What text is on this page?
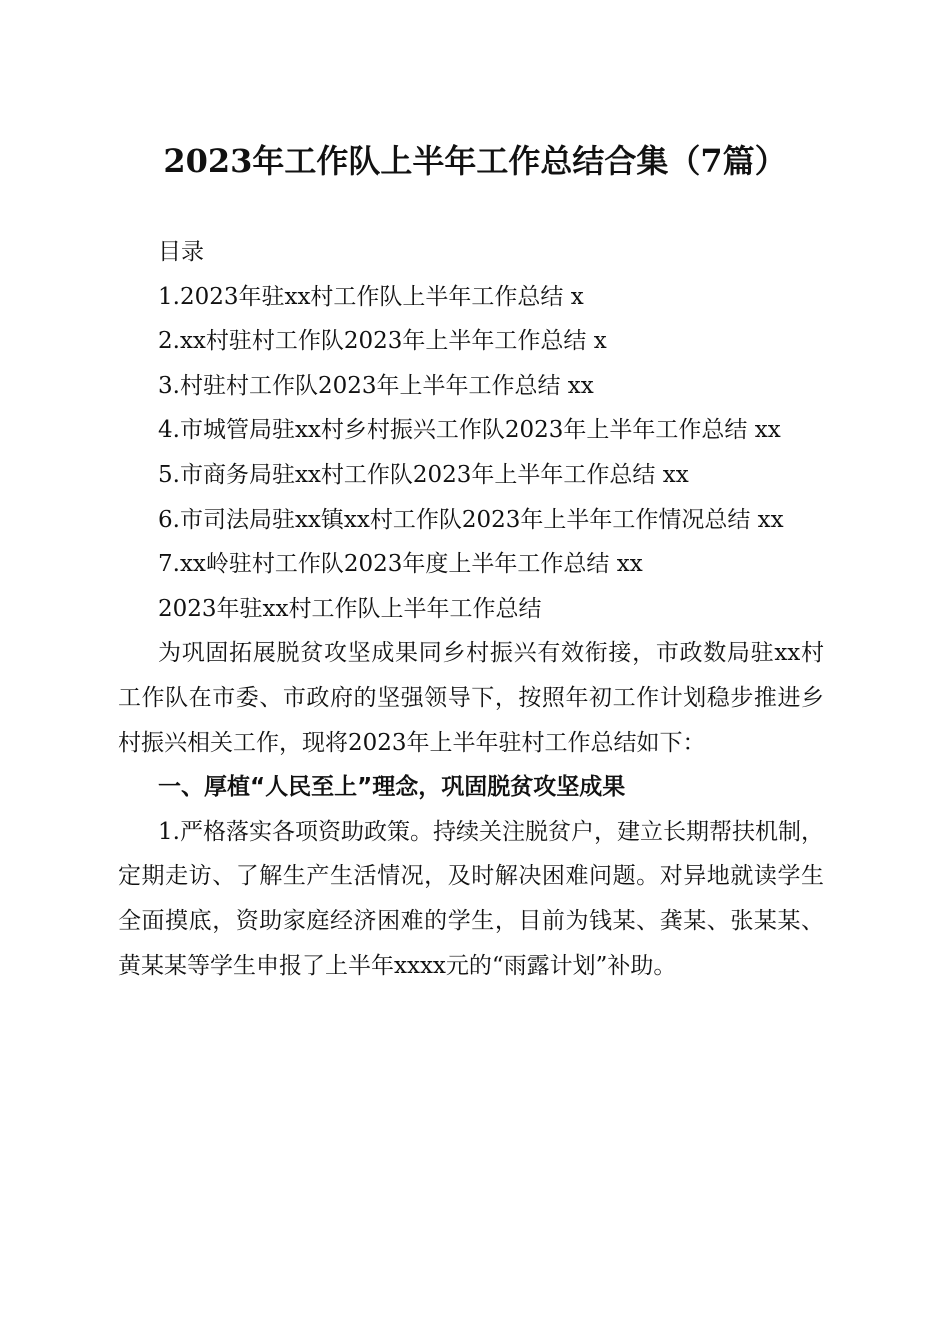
2023年工作队上半年工作总结合集（7篇）

目录

1.2023年驻xx村工作队上半年工作总结 x

2.xx村驻村工作队2023年上半年工作总结 x

3.村驻村工作队2023年上半年工作总结 xx

4.市城管局驻xx村乡村振兴工作队2023年上半年工作总结 xx

5.市商务局驻xx村工作队2023年上半年工作总结 xx

6.市司法局驻xx镇xx村工作队2023年上半年工作情况总结 xx

7.xx岭驻村工作队2023年度上半年工作总结 xx

2023年驻xx村工作队上半年工作总结

为巩固拓展脱贫攻坚成果同乡村振兴有效衔接，市政数局驻xx村工作队在市委、市政府的坚强领导下，按照年初工作计划稳步推进乡村振兴相关工作，现将2023年上半年驻村工作总结如下：

一、厚植“人民至上”理念，巩固脱贫攻坚成果

1.严格落实各项资助政策。持续关注脱贫户，建立长期帮扶机制，定期走访、了解生产生活情况，及时解决困难问题。对异地就读学生全面摸底，资助家庭经济困难的学生，目前为钱某、龚某、张某某、黄某某等学生申报了上半年xxxx元的“雨露计划”补助。
